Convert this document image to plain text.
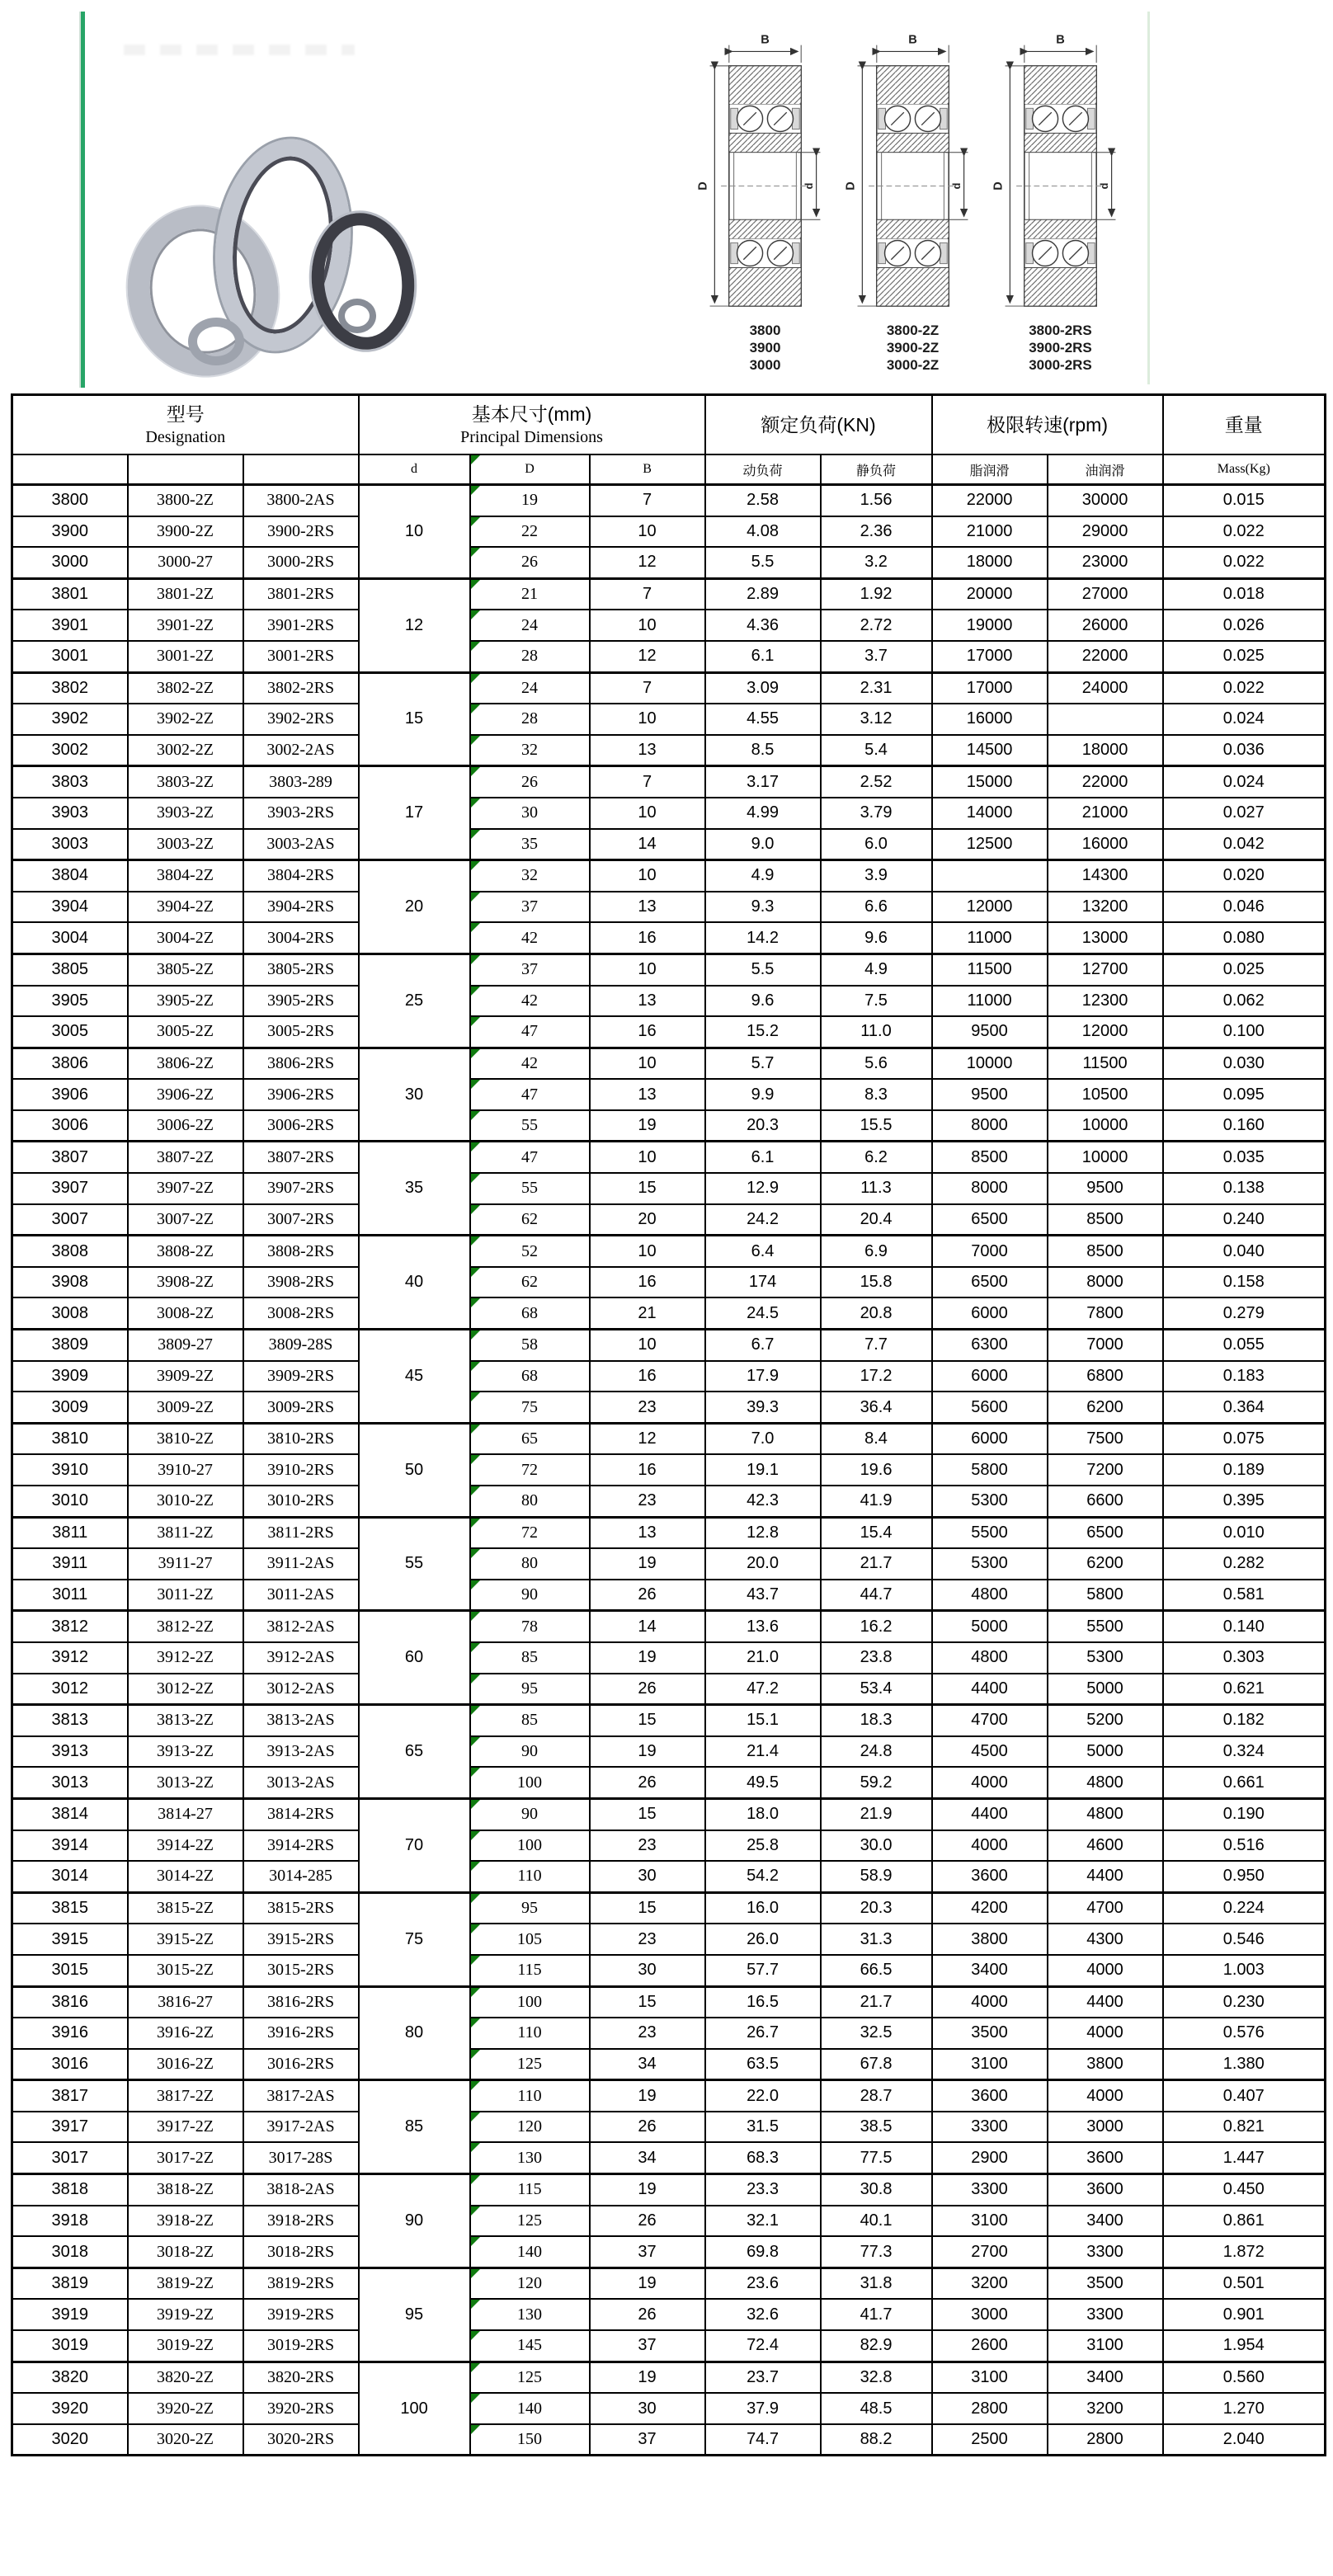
B
D	d
3800
3900
3000
B
D	d
3800-2Z
3900-2Z
3000-2Z
B
D	d
3800-2RS
3900-2RS
3000-2RS
型号
Designation

基本尺寸(mm)
Principal Dimensions
	额定负荷(KN)	极限转速(rpm)	重量
			d	D	B	动负荷	静负荷	脂润滑	油润滑	Mass(Kg)
3800	3800-2Z	3800-2AS	10	19	7	2.58	1.56	22000	30000	0.015
3900	3900-2Z	3900-2RS		22	10	4.08	2.36	21000	29000	0.022
3000	3000-27	3000-2RS		26	12	5.5	3.2	18000	23000	0.022
3801	3801-2Z	3801-2RS	12	21	7	2.89	1.92	20000	27000	0.018
3901	3901-2Z	3901-2RS		24	10	4.36	2.72	19000	26000	0.026
3001	3001-2Z	3001-2RS		28	12	6.1	3.7	17000	22000	0.025
3802	3802-2Z	3802-2RS	15	24	7	3.09	2.31	17000	24000	0.022
3902	3902-2Z	3902-2RS		28	10	4.55	3.12	16000		0.024
3002	3002-2Z	3002-2AS		32	13	8.5	5.4	14500	18000	0.036
3803	3803-2Z	3803-289	17	26	7	3.17	2.52	15000	22000	0.024
3903	3903-2Z	3903-2RS		30	10	4.99	3.79	14000	21000	0.027
3003	3003-2Z	3003-2AS		35	14	9.0	6.0	12500	16000	0.042
3804	3804-2Z	3804-2RS	20	32	10	4.9	3.9		14300	0.020
3904	3904-2Z	3904-2RS		37	13	9.3	6.6	12000	13200	0.046
3004	3004-2Z	3004-2RS		42	16	14.2	9.6	11000	13000	0.080
3805	3805-2Z	3805-2RS	25	37	10	5.5	4.9	11500	12700	0.025
3905	3905-2Z	3905-2RS		42	13	9.6	7.5	11000	12300	0.062
3005	3005-2Z	3005-2RS		47	16	15.2	11.0	9500	12000	0.100
3806	3806-2Z	3806-2RS	30	42	10	5.7	5.6	10000	11500	0.030
3906	3906-2Z	3906-2RS		47	13	9.9	8.3	9500	10500	0.095
3006	3006-2Z	3006-2RS		55	19	20.3	15.5	8000	10000	0.160
3807	3807-2Z	3807-2RS	35	47	10	6.1	6.2	8500	10000	0.035
3907	3907-2Z	3907-2RS		55	15	12.9	11.3	8000	9500	0.138
3007	3007-2Z	3007-2RS		62	20	24.2	20.4	6500	8500	0.240
3808	3808-2Z	3808-2RS	40	52	10	6.4	6.9	7000	8500	0.040
3908	3908-2Z	3908-2RS		62	16	174	15.8	6500	8000	0.158
3008	3008-2Z	3008-2RS		68	21	24.5	20.8	6000	7800	0.279
3809	3809-27	3809-28S	45	58	10	6.7	7.7	6300	7000	0.055
3909	3909-2Z	3909-2RS		68	16	17.9	17.2	6000	6800	0.183
3009	3009-2Z	3009-2RS		75	23	39.3	36.4	5600	6200	0.364
3810	3810-2Z	3810-2RS	50	65	12	7.0	8.4	6000	7500	0.075
3910	3910-27	3910-2RS		72	16	19.1	19.6	5800	7200	0.189
3010	3010-2Z	3010-2RS		80	23	42.3	41.9	5300	6600	0.395
3811	3811-2Z	3811-2RS	55	72	13	12.8	15.4	5500	6500	0.010
3911	3911-27	3911-2AS		80	19	20.0	21.7	5300	6200	0.282
3011	3011-2Z	3011-2AS		90	26	43.7	44.7	4800	5800	0.581
3812	3812-2Z	3812-2AS	60	78	14	13.6	16.2	5000	5500	0.140
3912	3912-2Z	3912-2AS		85	19	21.0	23.8	4800	5300	0.303
3012	3012-2Z	3012-2AS		95	26	47.2	53.4	4400	5000	0.621
3813	3813-2Z	3813-2AS	65	85	15	15.1	18.3	4700	5200	0.182
3913	3913-2Z	3913-2AS		90	19	21.4	24.8	4500	5000	0.324
3013	3013-2Z	3013-2AS		100	26	49.5	59.2	4000	4800	0.661
3814	3814-27	3814-2RS	70	90	15	18.0	21.9	4400	4800	0.190
3914	3914-2Z	3914-2RS		100	23	25.8	30.0	4000	4600	0.516
3014	3014-2Z	3014-285		110	30	54.2	58.9	3600	4400	0.950
3815	3815-2Z	3815-2RS	75	95	15	16.0	20.3	4200	4700	0.224
3915	3915-2Z	3915-2RS		105	23	26.0	31.3	3800	4300	0.546
3015	3015-2Z	3015-2RS		115	30	57.7	66.5	3400	4000	1.003
3816	3816-27	3816-2RS	80	100	15	16.5	21.7	4000	4400	0.230
3916	3916-2Z	3916-2RS		110	23	26.7	32.5	3500	4000	0.576
3016	3016-2Z	3016-2RS		125	34	63.5	67.8	3100	3800	1.380
3817	3817-2Z	3817-2AS	85	110	19	22.0	28.7	3600	4000	0.407
3917	3917-2Z	3917-2AS		120	26	31.5	38.5	3300	3000	0.821
3017	3017-2Z	3017-28S		130	34	68.3	77.5	2900	3600	1.447
3818	3818-2Z	3818-2AS	90	115	19	23.3	30.8	3300	3600	0.450
3918	3918-2Z	3918-2RS		125	26	32.1	40.1	3100	3400	0.861
3018	3018-2Z	3018-2RS		140	37	69.8	77.3	2700	3300	1.872
3819	3819-2Z	3819-2RS	95	120	19	23.6	31.8	3200	3500	0.501
3919	3919-2Z	3919-2RS		130	26	32.6	41.7	3000	3300	0.901
3019	3019-2Z	3019-2RS		145	37	72.4	82.9	2600	3100	1.954
3820	3820-2Z	3820-2RS	100	125	19	23.7	32.8	3100	3400	0.560
3920	3920-2Z	3920-2RS		140	30	37.9	48.5	2800	3200	1.270
3020	3020-2Z	3020-2RS		150	37	74.7	88.2	2500	2800	2.040
